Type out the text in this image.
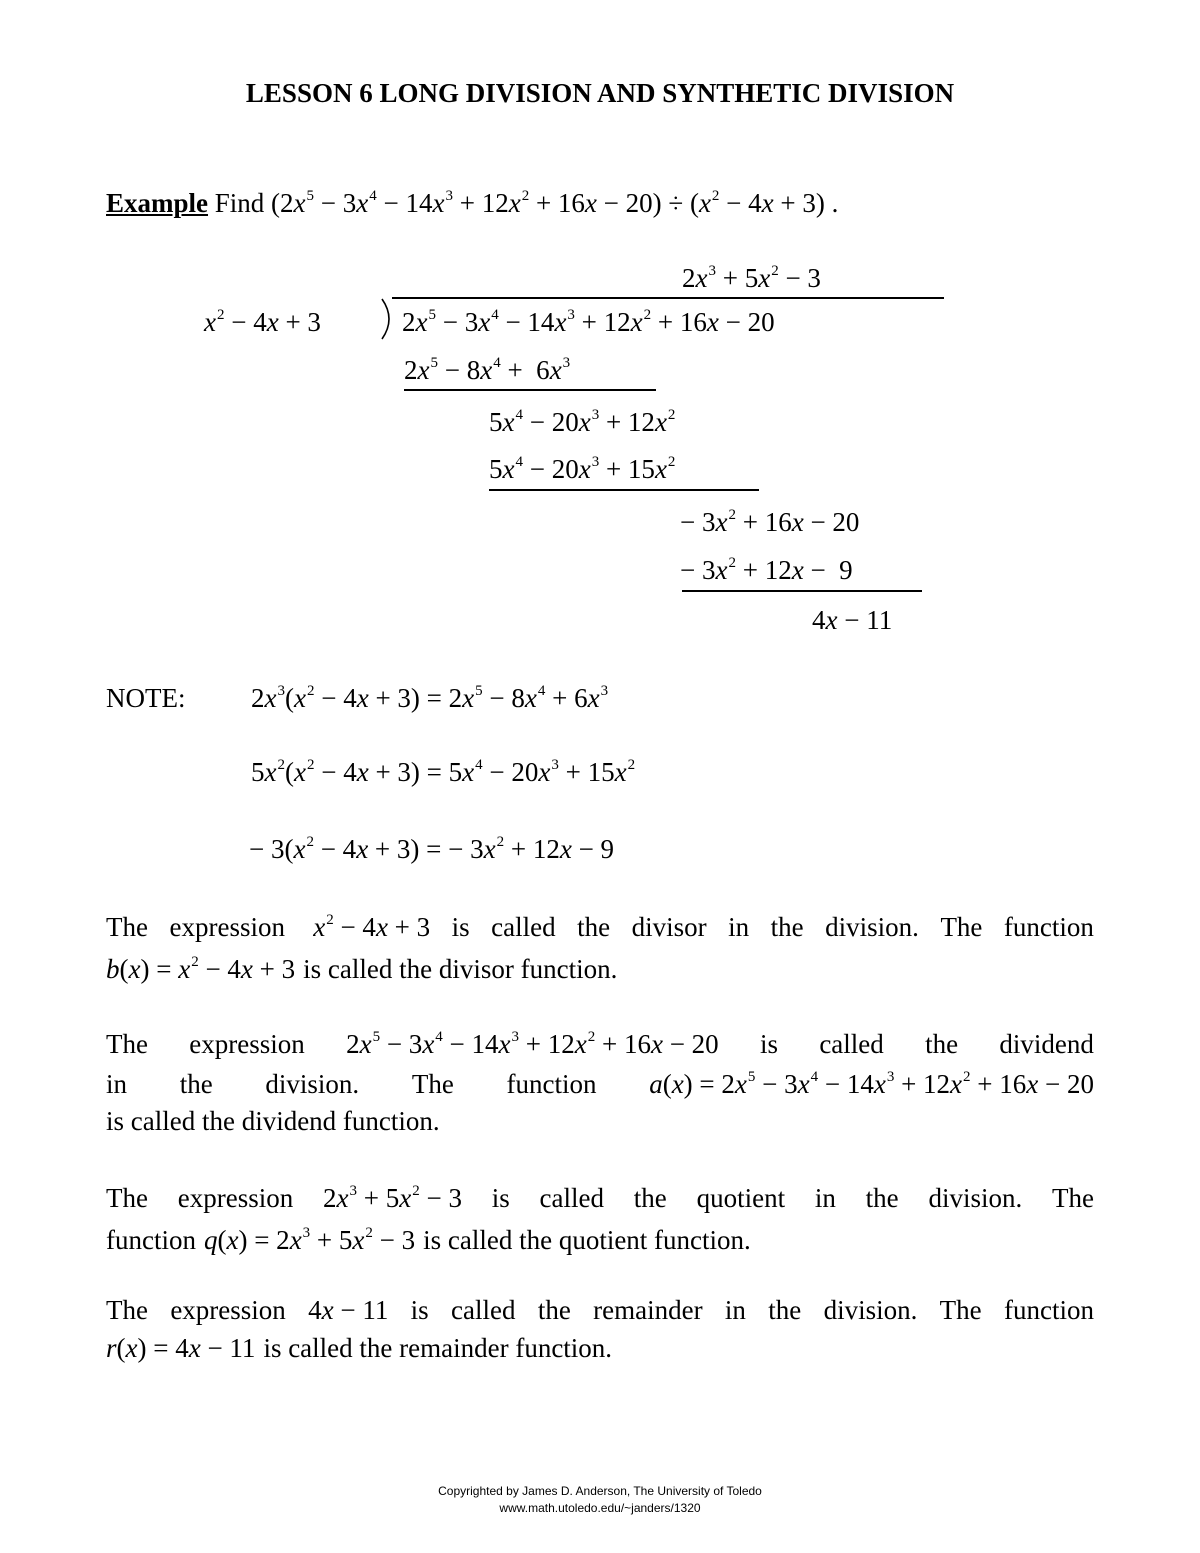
LESSON 6 LONG DIVISION AND SYNTHETIC DIVISION
Example Find $(2x^5 - 3x^4 - 14x^3 + 12x^2 + 16x - 20) \div (x^2 - 4x + 3)$ .
$2x^3 + 5x^2 - 3$
$x^2 - 4x + 3$	$2x^5 - 3x^4 - 14x^3 + 12x^2 + 16x - 20$
$2x^5 - 8x^4 + 6x^3$
$5x^4 - 20x^3 + 12x^2$
$5x^4 - 20x^3 + 15x^2$
− $3x^2 + 16x - 20$
− $3x^2 + 12x - 9$
4x − 11
NOTE: $2x^3(x^2 - 4x + 3) = 2x^5 - 8x^4 + 6x^3$
$5x^2(x^2 - 4x + 3) = 5x^4 - 20x^3 + 15x^2$
− $3(x^2 - 4x + 3)$ = − $3x^2 + 12x - 9$
The expression $x^2 - 4x + 3$ is called the divisor in the division. The function
$b(x) = x^2 - 4x + 3$ is called the divisor function.
The expression $2x^5 - 3x^4 - 14x^3 + 12x^2 + 16x - 20$ is called the dividend
in the division. The function $a(x) = 2x^5 - 3x^4 - 14x^3 + 12x^2 + 16x - 20$
is called the dividend function.
The expression $2x^3 + 5x^2 - 3$ is called the quotient in the division. The
function $q(x) = 2x^3 + 5x^2 - 3$ is called the quotient function.
The expression 4x − 11 is called the remainder in the division. The function
r(x) = 4x − 11 is called the remainder function.
Copyrighted by James D. Anderson, The University of Toledo
www.math.utoledo.edu/~janders/1320
